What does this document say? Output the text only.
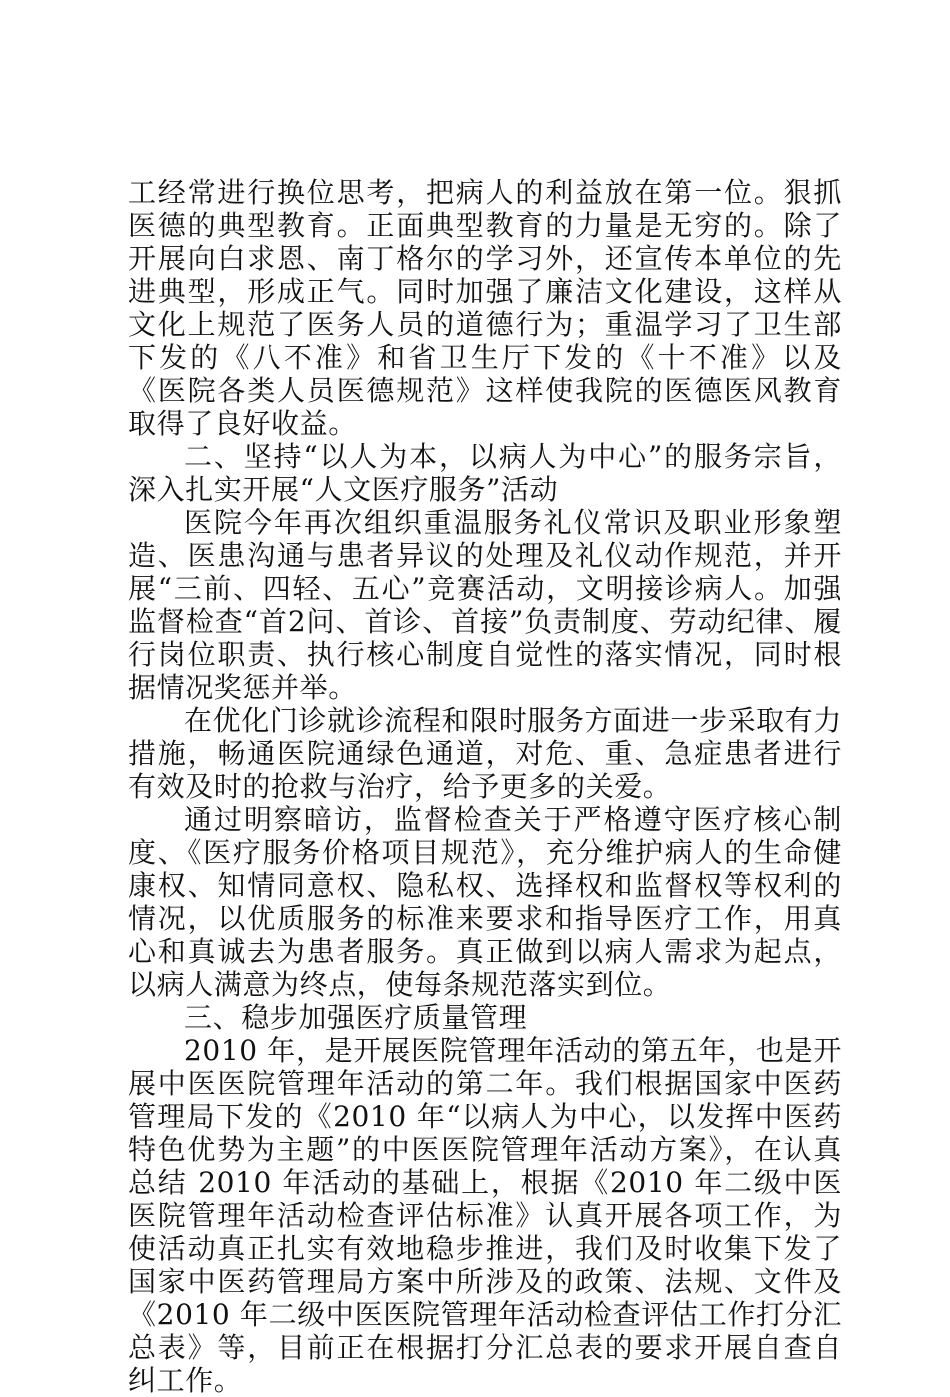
工经常进行换位思考，把病人的利益放在第一位。狠抓医德的典型教育。正面典型教育的力量是无穷的。除了开展向白求恩、南丁格尔的学习外，还宣传本单位的先进典型，形成正气。同时加强了廉洁文化建设，这样从文化上规范了医务人员的道德行为；重温学习了卫生部下发的《八不准》和省卫生厅下发的《十不准》以及《医院各类人员医德规范》这样使我院的医德医风教育取得了良好收益。

二、坚持“以人为本，以病人为中心”的服务宗旨，深入扎实开展“人文医疗服务”活动

医院今年再次组织重温服务礼仪常识及职业形象塑造、医患沟通与患者异议的处理及礼仪动作规范，并开展“三前、四轻、五心”竞赛活动，文明接诊病人。加强监督检查“首2问、首诊、首接”负责制度、劳动纪律、履行岗位职责、执行核心制度自觉性的落实情况，同时根据情况奖惩并举。

在优化门诊就诊流程和限时服务方面进一步采取有力措施，畅通医院通绿色通道，对危、重、急症患者进行有效及时的抢救与治疗，给予更多的关爱。

通过明察暗访，监督检查关于严格遵守医疗核心制度、《医疗服务价格项目规范》，充分维护病人的生命健康权、知情同意权、隐私权、选择权和监督权等权利的情况，以优质服务的标准来要求和指导医疗工作，用真心和真诚去为患者服务。真正做到以病人需求为起点，以病人满意为终点，使每条规范落实到位。

三、稳步加强医疗质量管理

2010 年，是开展医院管理年活动的第五年，也是开展中医医院管理年活动的第二年。我们根据国家中医药管理局下发的《2010 年“以病人为中心，以发挥中医药特色优势为主题”的中医医院管理年活动方案》，在认真总结 2010 年活动的基础上，根据《2010 年二级中医医院管理年活动检查评估标准》认真开展各项工作，为使活动真正扎实有效地稳步推进，我们及时收集下发了国家中医药管理局方案中所涉及的政策、法规、文件及《2010 年二级中医医院管理年活动检查评估工作打分汇总表》等，目前正在根据打分汇总表的要求开展自查自纠工作。
